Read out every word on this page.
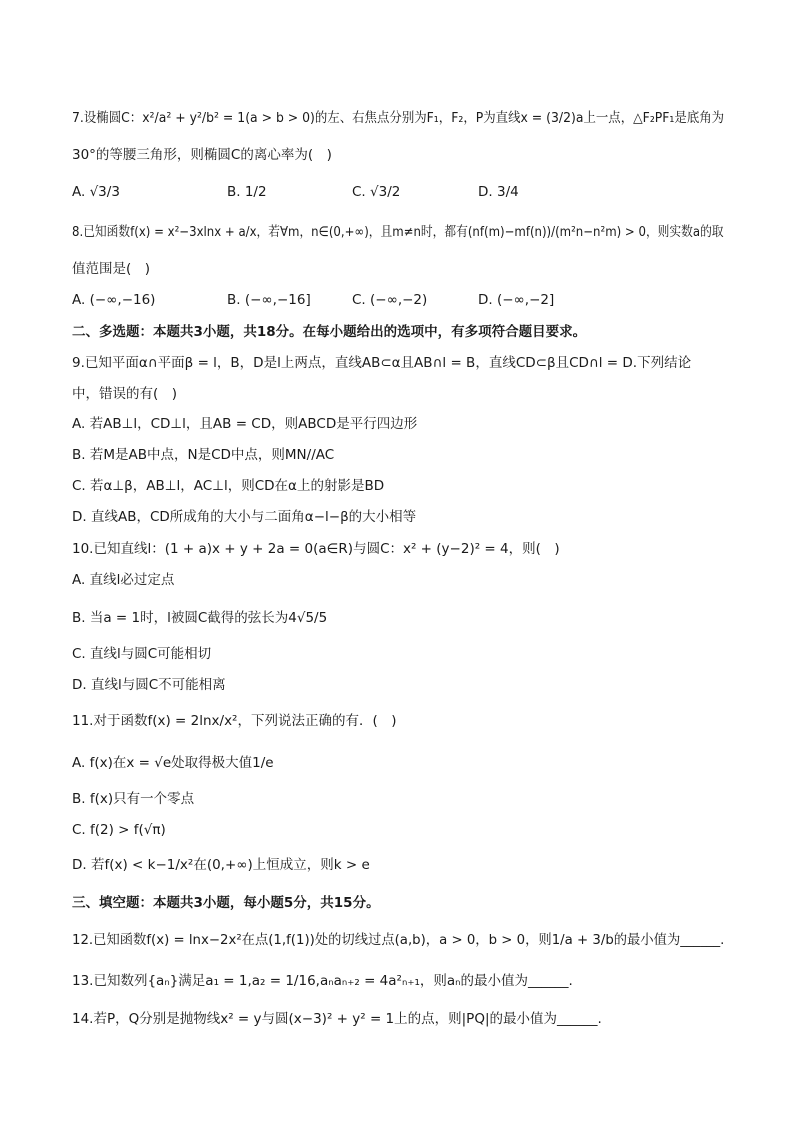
7.设椭圆C：x²/a² + y²/b² = 1(a > b > 0)的左、右焦点分别为F₁，F₂，P为直线x = (3/2)a上一点，△F₂PF₁是底角为
30°的等腰三角形，则椭圆C的离心率为(　)
A. √3/3	B. 1/2	C. √3/2	D. 3/4
8.已知函数f(x) = x²−3xlnx + a/x，若∀m，n∈(0,+∞)，且m≠n时，都有(nf(m)−mf(n))/(m²n−n²m) > 0，则实数a的取
值范围是(　)
A. (−∞,−16)	B. (−∞,−16]	C. (−∞,−2)	D. (−∞,−2]
二、多选题：本题共3小题，共18分。在每小题给出的选项中，有多项符合题目要求。
9.已知平面α∩平面β = l，B，D是l上两点，直线AB⊂α且AB∩l = B，直线CD⊂β且CD∩l = D.下列结论
中，错误的有(　)
A. 若AB⊥l，CD⊥l，且AB = CD，则ABCD是平行四边形
B. 若M是AB中点，N是CD中点，则MN//AC
C. 若α⊥β，AB⊥l，AC⊥l，则CD在α上的射影是BD
D. 直线AB，CD所成角的大小与二面角α−l−β的大小相等
10.已知直线l：(1 + a)x + y + 2a = 0(a∈R)与圆C：x² + (y−2)² = 4，则(　)
A. 直线l必过定点
B. 当a = 1时，l被圆C截得的弦长为4√5/5
C. 直线l与圆C可能相切
D. 直线l与圆C不可能相离
11.对于函数f(x) = 2lnx/x²，下列说法正确的有．(　)
A. f(x)在x = √e处取得极大值1/e
B. f(x)只有一个零点
C. f(2) > f(√π)
D. 若f(x) < k−1/x²在(0,+∞)上恒成立，则k > e
三、填空题：本题共3小题，每小题5分，共15分。
12.已知函数f(x) = lnx−2x²在点(1,f(1))处的切线过点(a,b)，a > 0，b > 0，则1/a + 3/b的最小值为______.
13.已知数列{aₙ}满足a₁ = 1,a₂ = 1/16,aₙaₙ₊₂ = 4a²ₙ₊₁，则aₙ的最小值为______.
14.若P，Q分别是抛物线x² = y与圆(x−3)² + y² = 1上的点，则|PQ|的最小值为______.
